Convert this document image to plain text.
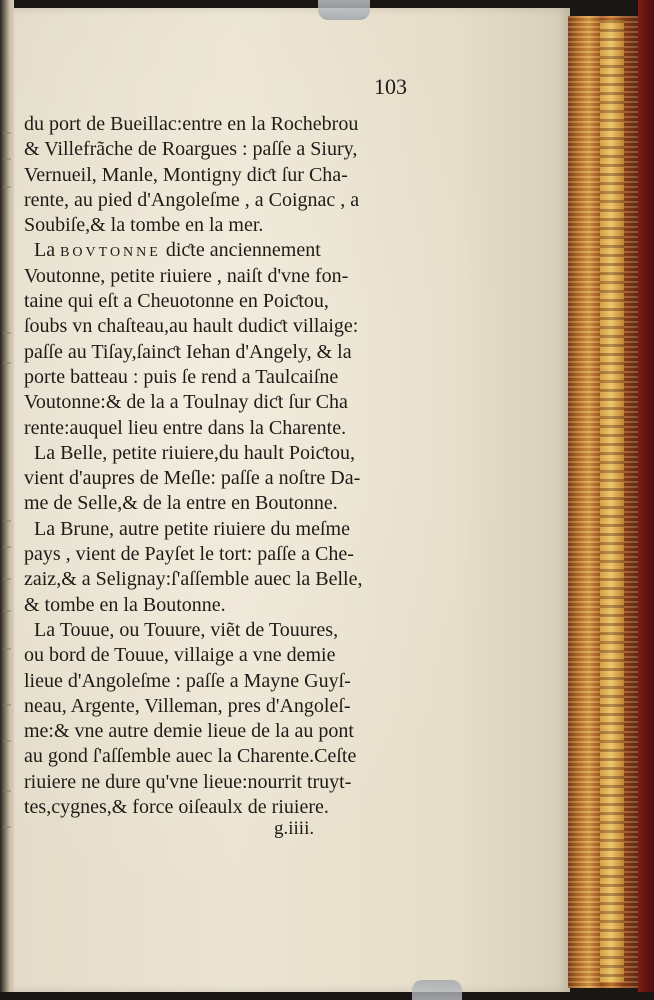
103
du port de Bueillac:entre en la Rochebrou
& Villefrãche de Roargues : paſſe a Siury,
Vernueil, Manle, Montigny diƈt ſur Cha-
rente, au pied d'Angoleſme , a Coignac , a
Soubiſe,& la tombe en la mer.
La BOVTONNE diƈte anciennement
Voutonne, petite riuiere , naiſt d'vne fon-
taine qui eſt a Cheuotonne en Poiƈtou,
ſoubs vn chaſteau,au hault dudiƈt villaige:
paſſe au Tiſay,ſainƈt Iehan d'Angely, & la
porte batteau : puis ſe rend a Taulcaiſne
Voutonne:& de la a Toulnay diƈt ſur Cha
rente:auquel lieu entre dans la Charente.
La Belle, petite riuiere,du hault Poiƈtou,
vient d'aupres de Meſle: paſſe a noſtre Da-
me de Selle,& de la entre en Boutonne.
La Brune, autre petite riuiere du meſme
pays , vient de Payſet le tort: paſſe a Che-
zaiz,& a Selignay:ſ'aſſemble auec la Belle,
& tombe en la Boutonne.
La Touue, ou Touure, viẽt de Touures,
ou bord de Touue, villaige a vne demie
lieue d'Angoleſme : paſſe a Mayne Guyſ-
neau, Argente, Villeman, pres d'Angoleſ-
me:& vne autre demie lieue de la au pont
au gond ſ'aſſemble auec la Charente.Ceſte
riuiere ne dure qu'vne lieue:nourrit truyt-
tes,cygnes,& force oiſeaulx de riuiere.
g.iiii.
